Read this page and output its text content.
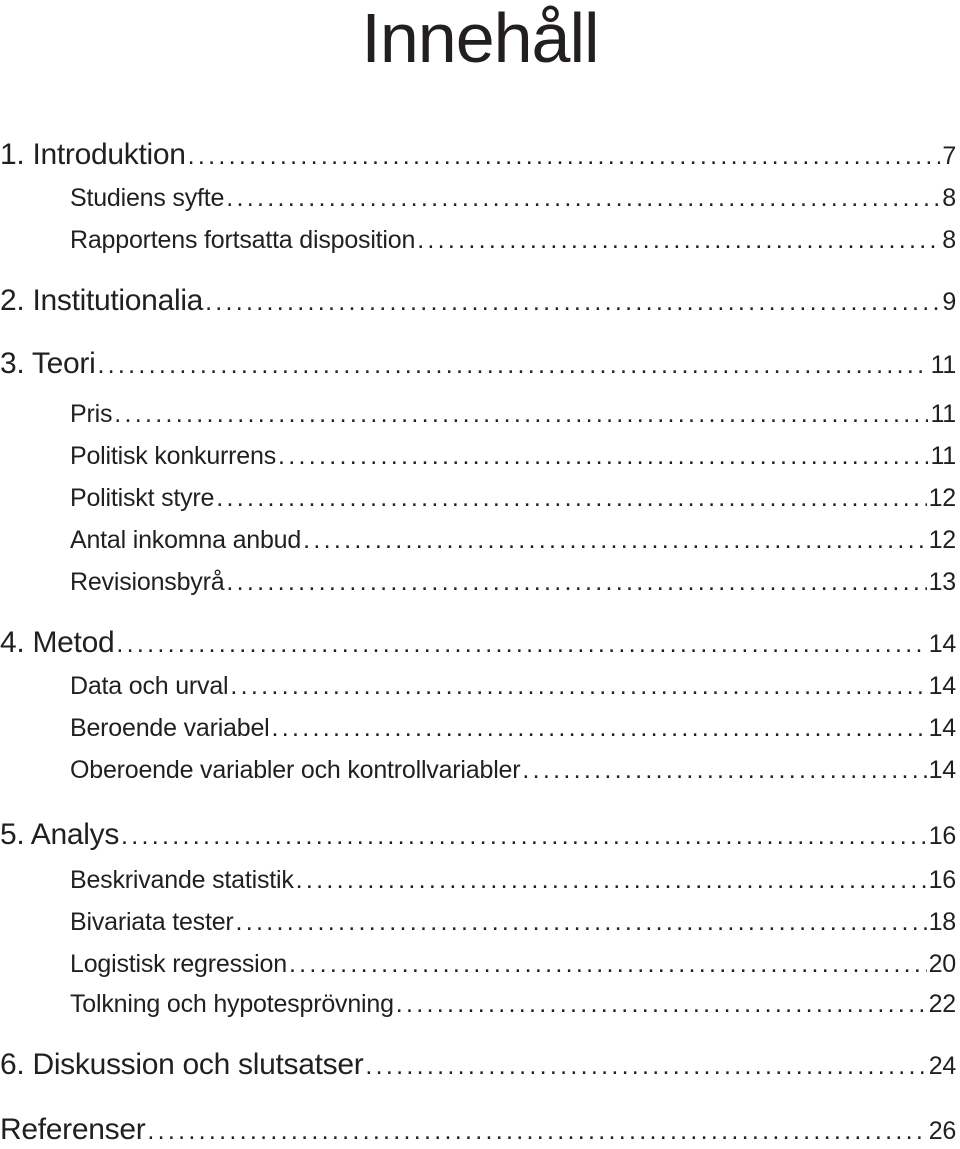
Innehåll
1. Introduktion .....	7
Studiens syfte .....	8
Rapportens fortsatta disposition .....	8
2. Institutionalia .....	9
3. Teori .....	11
Pris .....	11
Politisk konkurrens .....	11
Politiskt styre .....	12
Antal inkomna anbud .....	12
Revisionsbyrå .....	13
4. Metod .....	14
Data och urval .....	14
Beroende variabel .....	14
Oberoende variabler och kontrollvariabler .....	14
5. Analys .....	16
Beskrivande statistik .....	16
Bivariata tester .....	18
Logistisk regression .....	20
Tolkning och hypotesprövning .....	22
6. Diskussion och slutsatser .....	24
Referenser .....	26
